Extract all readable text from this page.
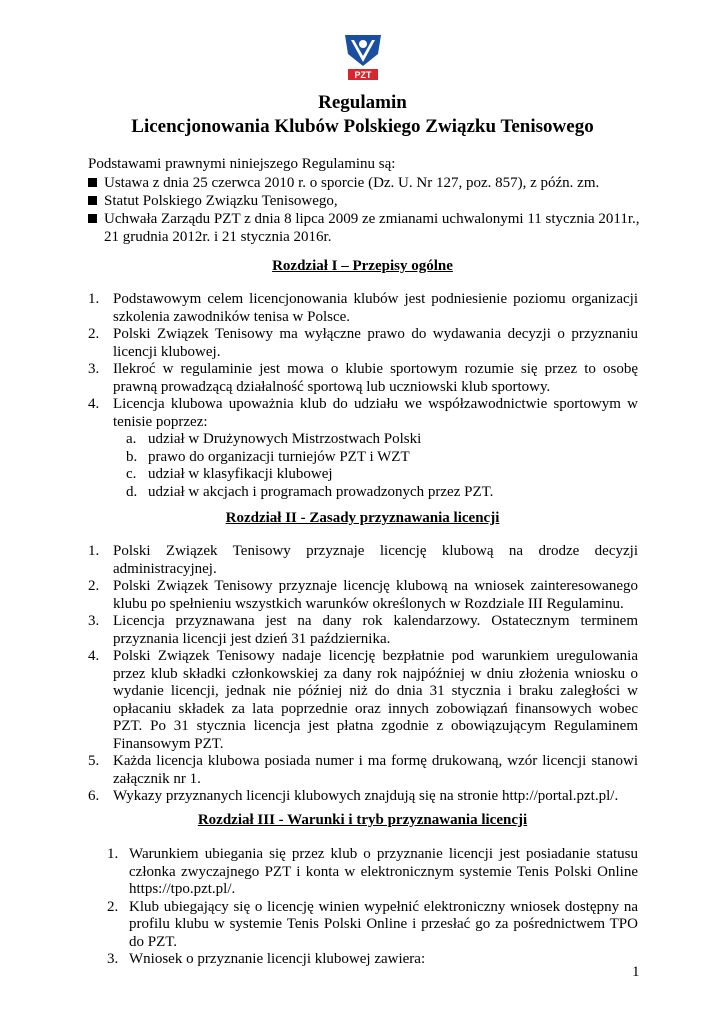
PZT
Regulamin
Licencjonowania Klubów Polskiego Związku Tenisowego

Podstawami prawnymi niniejszego Regulaminu są:

Ustawa z dnia 25 czerwca 2010 r. o sporcie (Dz. U. Nr 127, poz. 857), z późn. zm.
Statut Polskiego Związku Tenisowego,
Uchwała Zarządu PZT z dnia 8 lipca 2009 ze zmianami uchwalonymi 11 stycznia 2011r., 21 grudnia 2012r. i 21 stycznia 2016r.
Rozdział I – Przepisy ogólne
1. Podstawowym celem licencjonowania klubów jest podniesienie poziomu organizacji szkolenia zawodników tenisa w Polsce.
2. Polski Związek Tenisowy ma wyłączne prawo do wydawania decyzji o przyznaniu licencji klubowej.
3. Ilekroć w regulaminie jest mowa o klubie sportowym rozumie się przez to osobę prawną prowadzącą działalność sportową lub uczniowski klub sportowy.
4. Licencja klubowa upoważnia klub do udziału we współzawodnictwie sportowym w tenisie poprzez:
a. udział w Drużynowych Mistrzostwach Polski
b. prawo do organizacji turniejów PZT i WZT
c. udział w klasyfikacji klubowej
d. udział w akcjach i programach prowadzonych przez PZT.
Rozdział II - Zasady przyznawania licencji
1. Polski Związek Tenisowy przyznaje licencję klubową na drodze decyzji administracyjnej.
2. Polski Związek Tenisowy przyznaje licencję klubową na wniosek zainteresowanego klubu po spełnieniu wszystkich warunków określonych w Rozdziale III Regulaminu.
3. Licencja przyznawana jest na dany rok kalendarzowy. Ostatecznym terminem przyznania licencji jest dzień 31 października.
4. Polski Związek Tenisowy nadaje licencję bezpłatnie pod warunkiem uregulowania przez klub składki członkowskiej za dany rok najpóźniej w dniu złożenia wniosku o wydanie licencji, jednak nie później niż do dnia 31 stycznia i braku zaległości w opłacaniu składek za lata poprzednie oraz innych zobowiązań finansowych wobec PZT. Po 31 stycznia licencja jest płatna zgodnie z obowiązującym Regulaminem Finansowym PZT.
5. Każda licencja klubowa posiada numer i ma formę drukowaną, wzór licencji stanowi załącznik nr 1.
6. Wykazy przyznanych licencji klubowych znajdują się na stronie http://portal.pzt.pl/.
Rozdział III - Warunki i tryb przyznawania licencji
1. Warunkiem ubiegania się przez klub o przyznanie licencji jest posiadanie statusu członka zwyczajnego PZT i konta w elektronicznym systemie Tenis Polski Online https://tpo.pzt.pl/.
2. Klub ubiegający się o licencję winien wypełnić elektroniczny wniosek dostępny na profilu klubu w systemie Tenis Polski Online i przesłać go za pośrednictwem TPO do PZT.
3. Wniosek o przyznanie licencji klubowej zawiera:
1
